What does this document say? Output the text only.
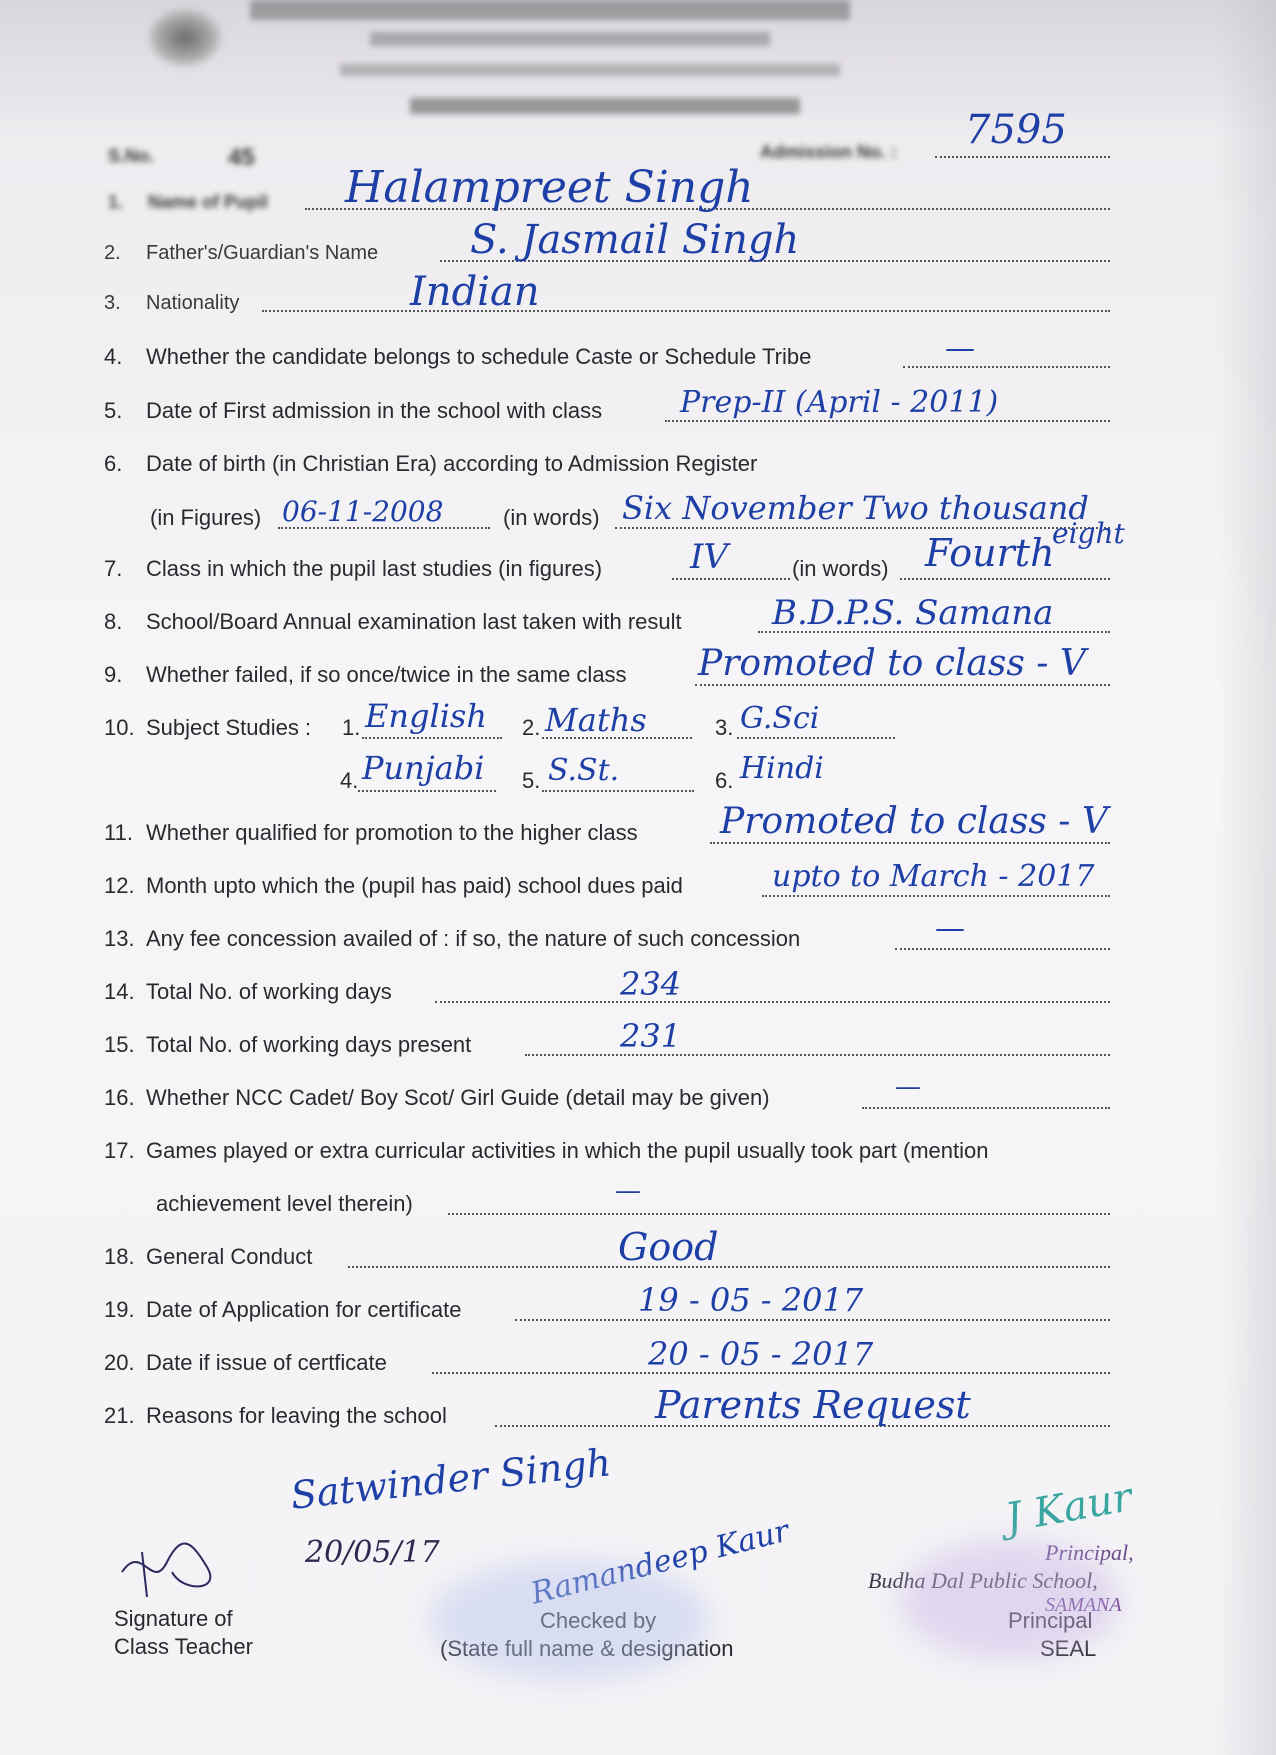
S.No.	45	Admission No. : 7595
1. Name of Pupil Halampreet Singh
2. Father's/Guardian's Name S. Jasmail Singh
3. Nationality	Indian
4. Whether the candidate belongs to schedule Caste or Schedule Tribe	—
5. Date of First admission in the school with class	Prep-II (April - 2011)
6. Date of birth (in Christian Era) according to Admission Register
(in Figures) 06-11-2008	(in words) Six November Two thousand
eight
7. Class in which the pupil last studies (in figures)	IV	(in words) Fourth
8. School/Board Annual examination last taken with result	B.D.P.S. Samana
9. Whether failed, if so once/twice in the same class Promoted to class - V
10. Subject Studies : 1. English 2. Maths	3. G.Sci
4. Punjabi 5. S.St.	6. Hindi
11. Whether qualified for promotion to the higher class Promoted to class - V
12. Month upto which the (pupil has paid) school dues paid	upto to March - 2017
13. Any fee concession availed of : if so, the nature of such concession	—
14. Total No. of working days	234
15. Total No. of working days present	231
16. Whether NCC Cadet/ Boy Scot/ Girl Guide (detail may be given)	—
17. Games played or extra curricular activities in which the pupil usually took part (mention
achievement level therein)	—
18. General Conduct	Good
19. Date of Application for certificate	19 - 05 - 2017
20. Date if issue of certficate	20 - 05 - 2017
21. Reasons for leaving the school	Parents Request
Satwinder Singh
20/05/17	Ramandeep Kaur
J Kaur
Principal,
Budha Dal Public School,
SAMANA
Signature of
Class Teacher
Checked by
(State full name & designation
Principal
SEAL
